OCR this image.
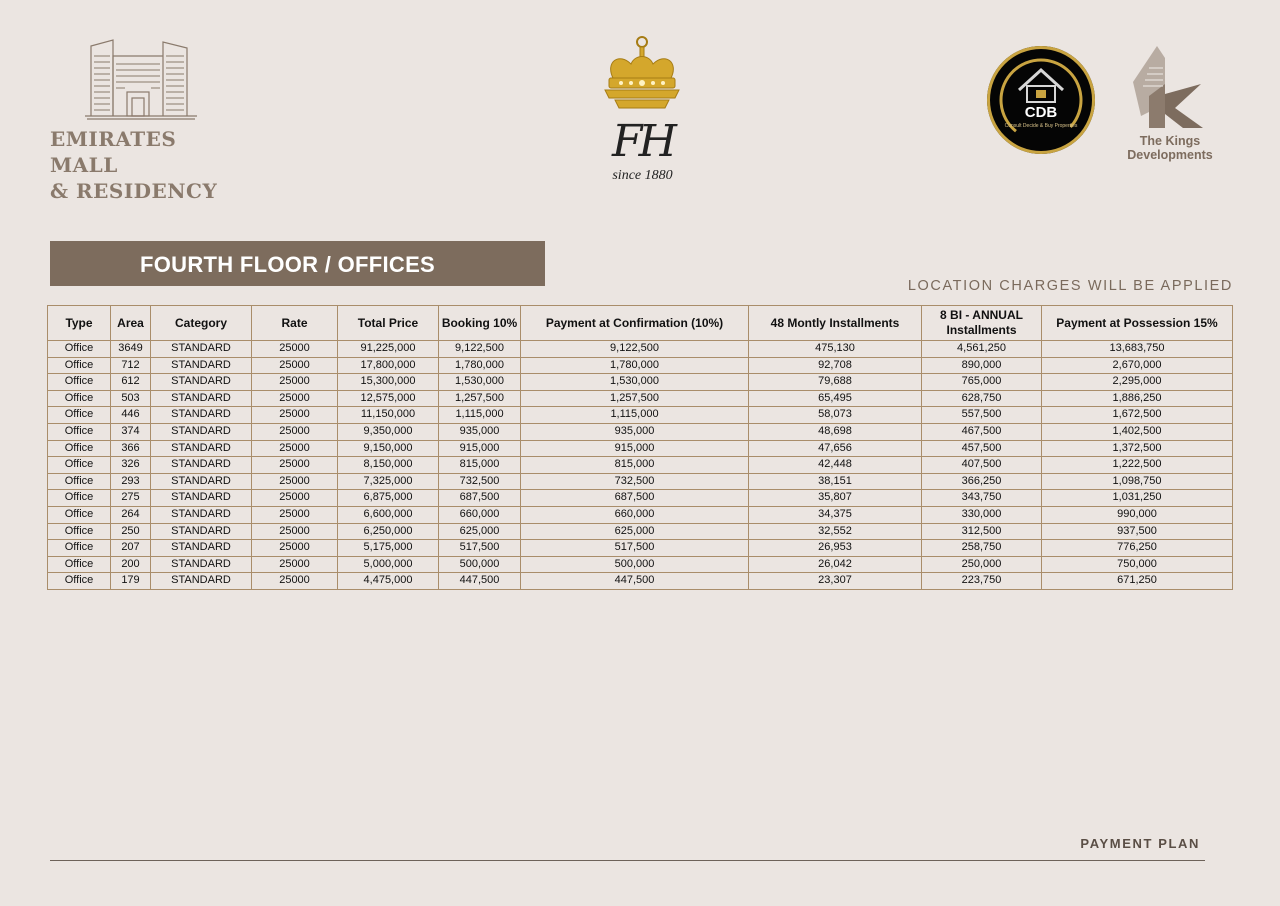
EMIRATES MALL
& RESIDENCY
FH
since 1880
CDB
Consult Decide & Buy Properties
The Kings Developments
FOURTH FLOOR / OFFICES
LOCATION CHARGES WILL BE APPLIED
Type	Area	Category	Rate	Total Price	Booking 10%	Payment at Confirmation (10%)	48 Montly Installments	8 BI - ANNUAL Installments	Payment at Possession 15%
Office	3649	STANDARD	25000	91,225,000	9,122,500	9,122,500	475,130	4,561,250	13,683,750
Office	712	STANDARD	25000	17,800,000	1,780,000	1,780,000	92,708	890,000	2,670,000
Office	612	STANDARD	25000	15,300,000	1,530,000	1,530,000	79,688	765,000	2,295,000
Office	503	STANDARD	25000	12,575,000	1,257,500	1,257,500	65,495	628,750	1,886,250
Office	446	STANDARD	25000	11,150,000	1,115,000	1,115,000	58,073	557,500	1,672,500
Office	374	STANDARD	25000	9,350,000	935,000	935,000	48,698	467,500	1,402,500
Office	366	STANDARD	25000	9,150,000	915,000	915,000	47,656	457,500	1,372,500
Office	326	STANDARD	25000	8,150,000	815,000	815,000	42,448	407,500	1,222,500
Office	293	STANDARD	25000	7,325,000	732,500	732,500	38,151	366,250	1,098,750
Office	275	STANDARD	25000	6,875,000	687,500	687,500	35,807	343,750	1,031,250
Office	264	STANDARD	25000	6,600,000	660,000	660,000	34,375	330,000	990,000
Office	250	STANDARD	25000	6,250,000	625,000	625,000	32,552	312,500	937,500
Office	207	STANDARD	25000	5,175,000	517,500	517,500	26,953	258,750	776,250
Office	200	STANDARD	25000	5,000,000	500,000	500,000	26,042	250,000	750,000
Office	179	STANDARD	25000	4,475,000	447,500	447,500	23,307	223,750	671,250
PAYMENT PLAN
